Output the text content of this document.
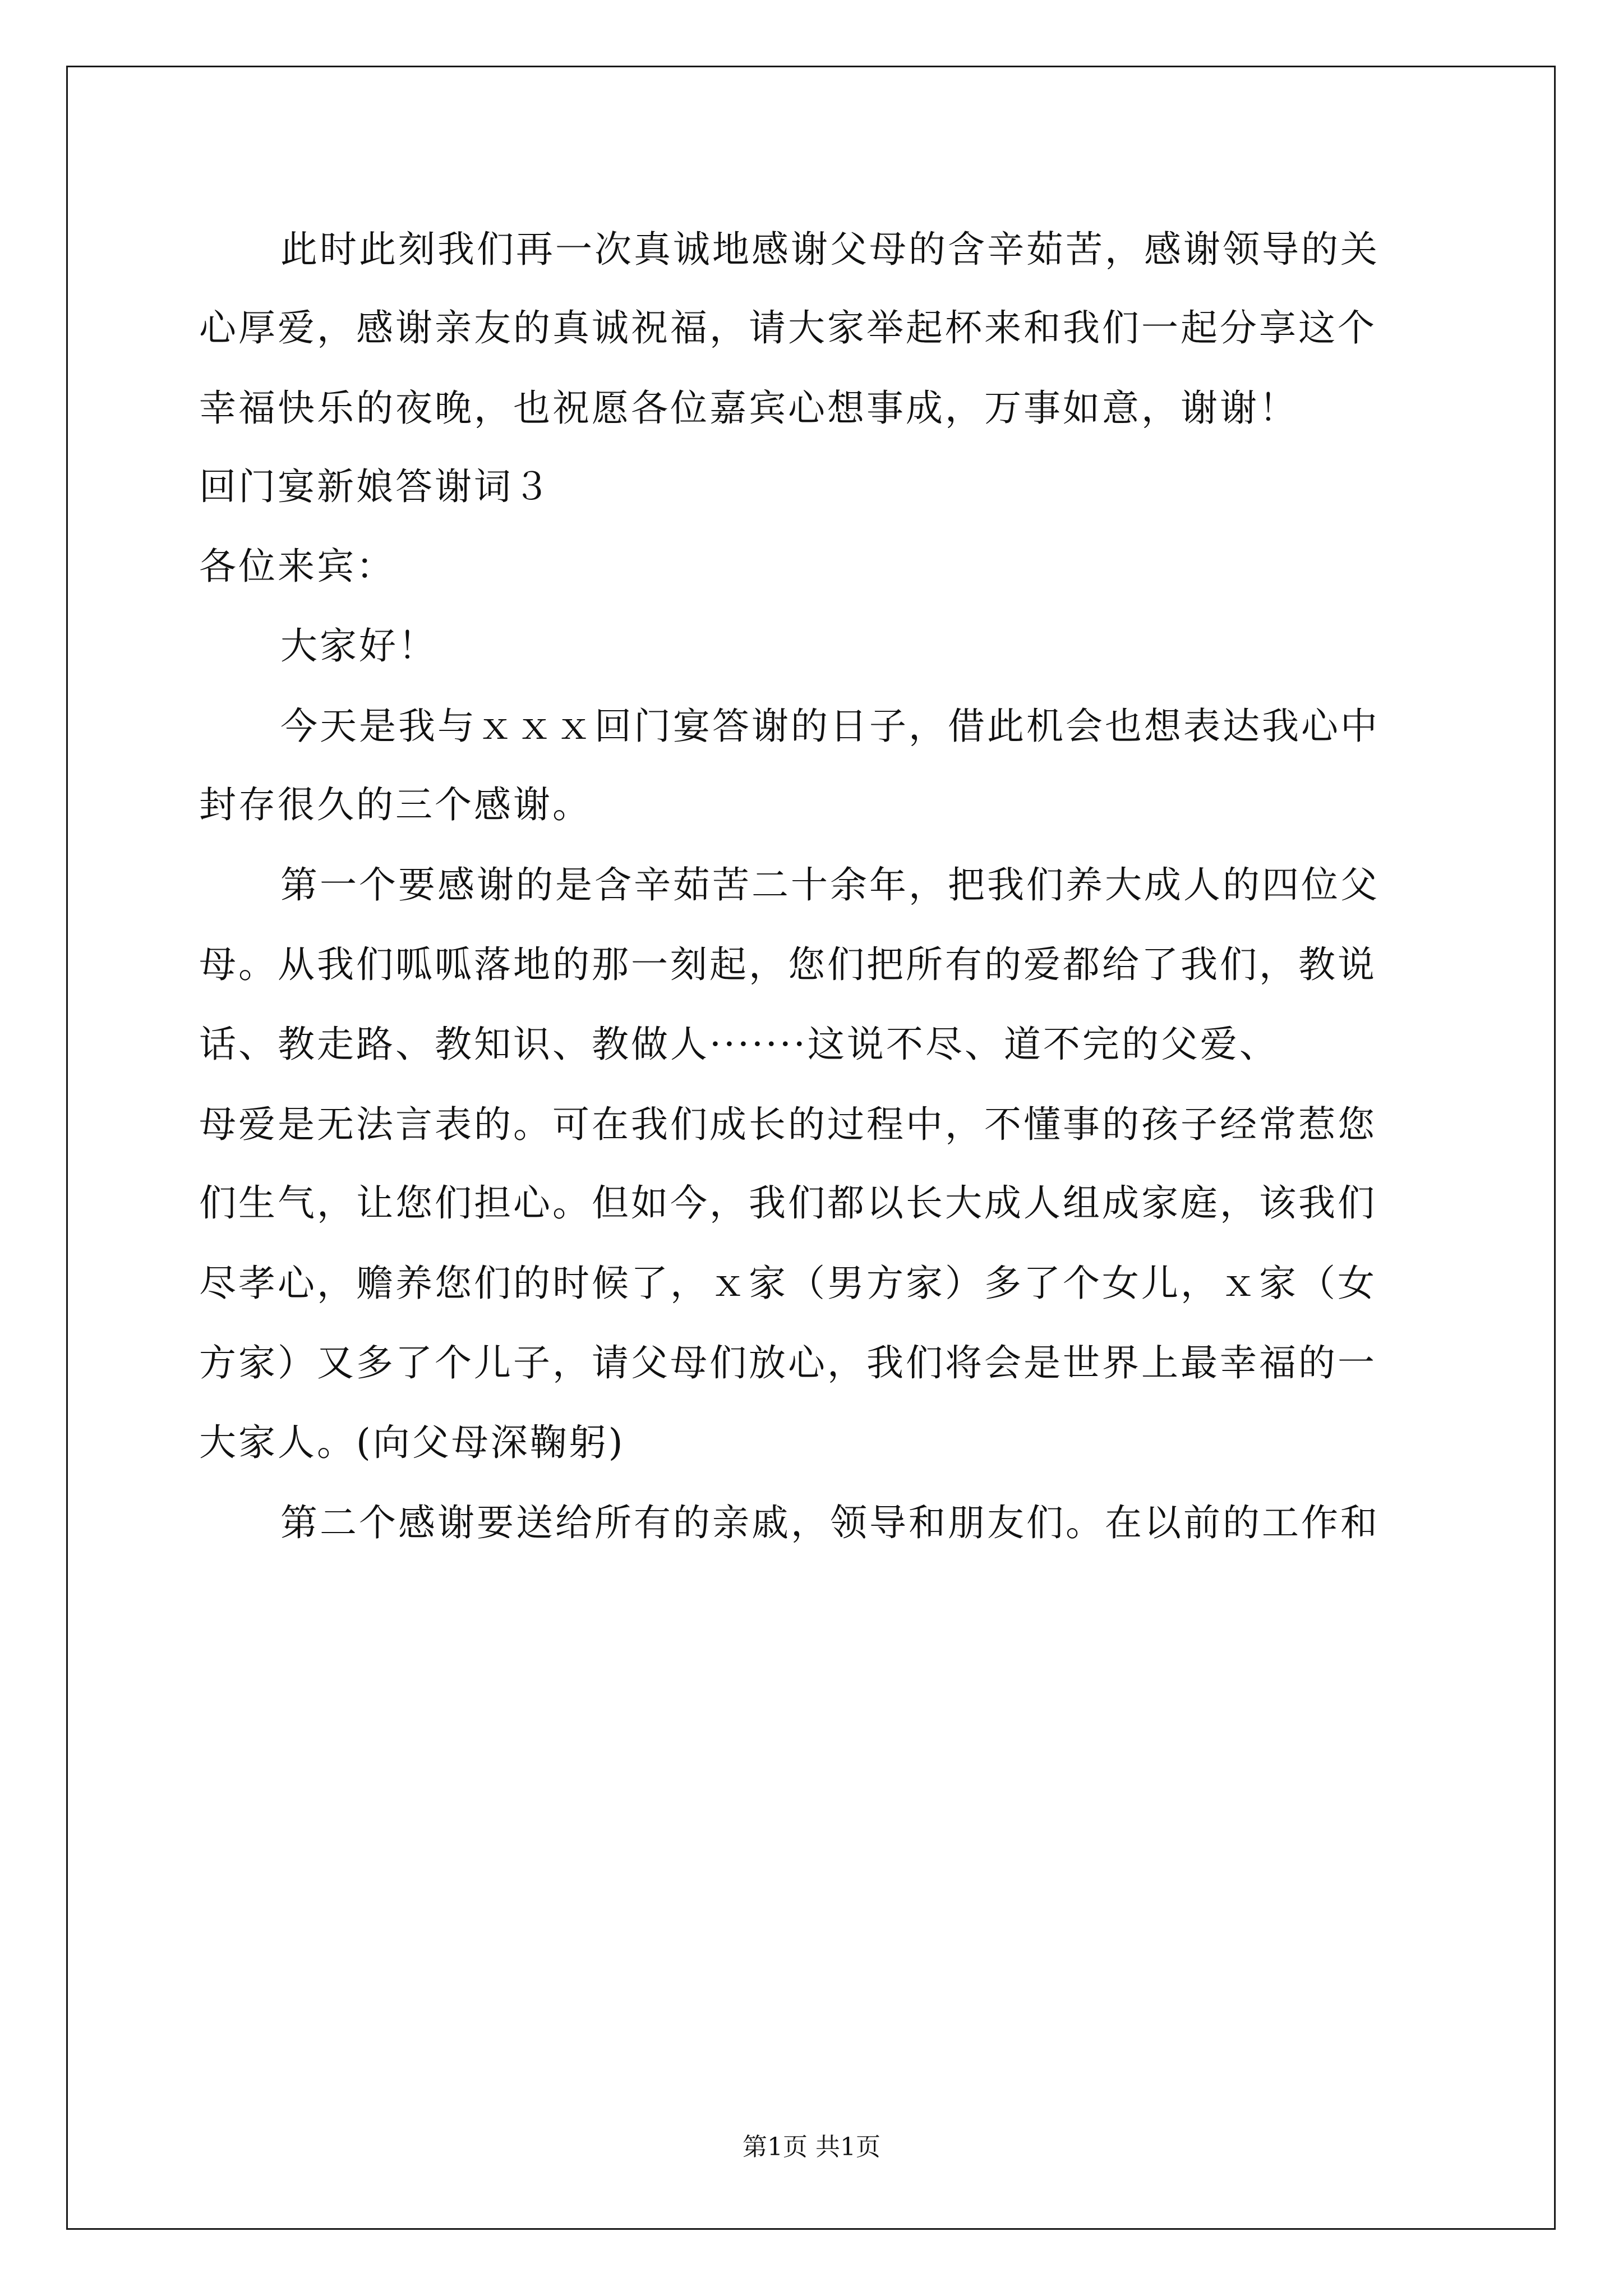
此时此刻我们再一次真诚地感谢父母的含辛茹苦，感谢领导的关
心厚爱，感谢亲友的真诚祝福，请大家举起杯来和我们一起分享这个
幸福快乐的夜晚，也祝愿各位嘉宾心想事成，万事如意，谢谢！
回门宴新娘答谢词３
各位来宾：
大家好！
今天是我与ｘｘｘ回门宴答谢的日子，借此机会也想表达我心中
封存很久的三个感谢。
第一个要感谢的是含辛茹苦二十余年，把我们养大成人的四位父
母。从我们呱呱落地的那一刻起，您们把所有的爱都给了我们，教说
话、教走路、教知识、教做人·······这说不尽、道不完的父爱、
母爱是无法言表的。可在我们成长的过程中，不懂事的孩子经常惹您
们生气，让您们担心。但如今，我们都以长大成人组成家庭，该我们
尽孝心，赡养您们的时候了，ｘ家（男方家）多了个女儿，ｘ家（女
方家）又多了个儿子，请父母们放心，我们将会是世界上最幸福的一
大家人。(向父母深鞠躬)
第二个感谢要送给所有的亲戚，领导和朋友们。在以前的工作和
第1页 共1页
